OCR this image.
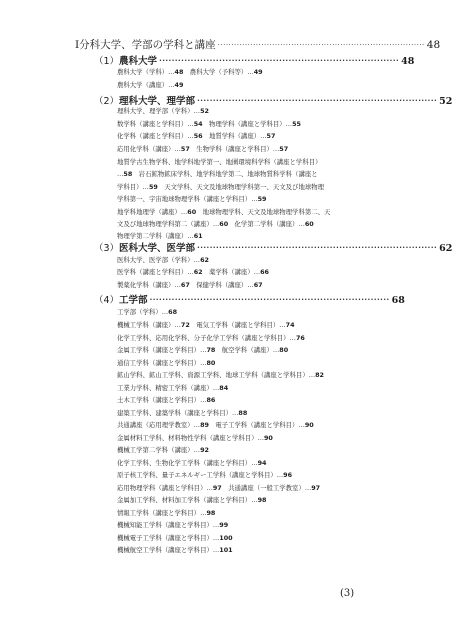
I 分科大学、学部の学科と講座 ············································································ 48
（1） 農科大学 ············································································ 48
農科大学（学科）…48　農科大学（予科等）…49
農科大学（講座）…49
（2） 理科大学、理学部 ············································································ 52
理科大学、理学部（学科）…52
数学科（講座と学科目）…54　物理学科（講座と学科目）…55
化学科（講座と学科目）…56　地質学科（講座）…57
応用化学科（講座）…57　生物学科（講座と学科目）…57
地質学古生物学科、地学科地学第一、地圏環境科学科（講座と学科目）
…58　岩石鉱物鉱床学科、地学科地学第二、地球物質科学科（講座と
学科目）…59　天文学科、天文及地球物理学科第一、天文及び地球物理
学科第一、宇宙地球物理学科（講座と学科目）…59
地学科地理学（講座）…60　地球物理学科、天文及地球物理学科第二、天
文及び地球物理学科第二（講座）…60　化学第二学科（講座）…60
物理学第二学科（講座）…61
（3） 医科大学、医学部 ············································································ 62
医科大学、医学部（学科）…62
医学科（講座と学科目）…62　薬学科（講座）…66
製薬化学科（講座）…67　保健学科（講座）…67
（4） 工学部 ············································································ 68
工学部（学科）…68
機械工学科（講座）…72　電気工学科（講座と学科目）…74
化学工学科、応用化学科、分子化学工学科（講座と学科目）…76
金属工学科（講座と学科目）…78　航空学科（講座）…80
通信工学科（講座と学科目）…80
鉱山学科、鉱山工学科、資源工学科、地球工学科（講座と学科目）…82
工業力学科、精密工学科（講座）…84
土木工学科（講座と学科目）…86
建築工学科、建築学科（講座と学科目）…88
共通講座（応用理学教室）…89　電子工学科（講座と学科目）…90
金属材料工学科、材料物性学科（講座と学科目）…90
機械工学第二学科（講座）…92
化学工学科、生物化学工学科（講座と学科目）…94
原子核工学科、量子エネルギー工学科（講座と学科目）…96
応用物理学科（講座と学科目）…97　共通講座（一般工学教室）…97
金属加工学科、材料加工学科（講座と学科目）…98
情報工学科（講座と学科目）…98
機械知能工学科（講座と学科目）…99
機械電子工学科（講座と学科目）…100
機械航空工学科（講座と学科目）…101
(3)
